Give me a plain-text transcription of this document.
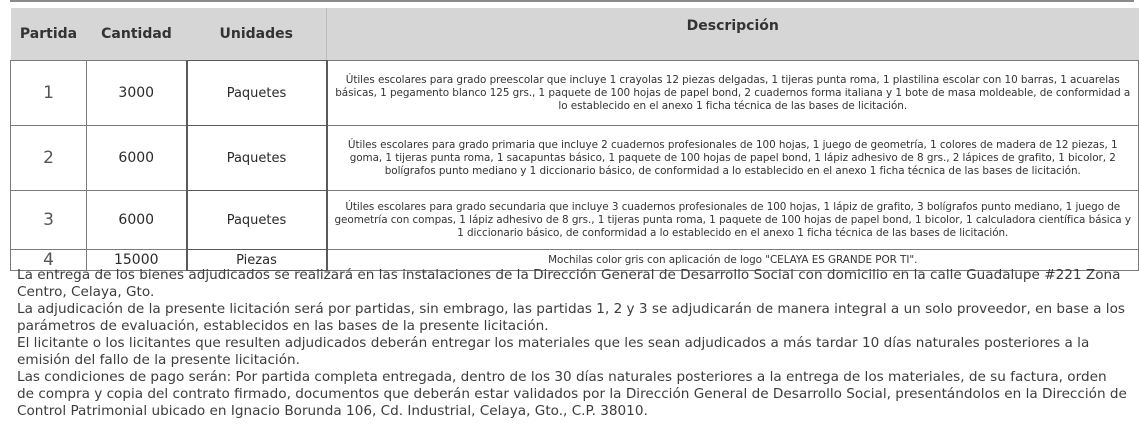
Partida	Cantidad	Unidades	Descripción
1	3000	Paquetes	Útiles escolares para grado preescolar que incluye 1 crayolas 12 piezas delgadas, 1 tijeras punta roma, 1 plastilina escolar con 10 barras, 1 acuarelas básicas, 1 pegamento blanco 125 grs., 1 paquete de 100 hojas de papel bond, 2 cuadernos forma italiana y 1 bote de masa moldeable, de conformidad a lo establecido en el anexo 1 ficha técnica de las bases de licitación.
2	6000	Paquetes	Útiles escolares para grado primaria que incluye 2 cuadernos profesionales de 100 hojas, 1 juego de geometría, 1 colores de madera de 12 piezas, 1 goma, 1 tijeras punta roma, 1 sacapuntas básico, 1 paquete de 100 hojas de papel bond, 1 lápiz adhesivo de 8 grs., 2 lápices de grafito, 1 bicolor, 2 bolígrafos punto mediano y 1 diccionario básico, de conformidad a lo establecido en el anexo 1 ficha técnica de las bases de licitación.
3	6000	Paquetes	Útiles escolares para grado secundaria que incluye 3 cuadernos profesionales de 100 hojas, 1 lápiz de grafito, 3 bolígrafos punto mediano, 1 juego de geometría con compas, 1 lápiz adhesivo de 8 grs., 1 tijeras punta roma, 1 paquete de 100 hojas de papel bond, 1 bicolor, 1 calculadora científica básica y 1 diccionario básico, de conformidad a lo establecido en el anexo 1 ficha técnica de las bases de licitación.
4	15000	Piezas	Mochilas color gris con aplicación de logo "CELAYA ES GRANDE POR TI".

La entrega de los bienes adjudicados se realizará en las instalaciones de la Dirección General de Desarrollo Social con domicilio en la calle Guadalupe #221 Zona Centro, Celaya, Gto.

La adjudicación de la presente licitación será por partidas, sin embrago, las partidas 1, 2 y 3 se adjudicarán de manera integral a un solo proveedor, en base a los parámetros de evaluación, establecidos en las bases de la presente licitación.

El licitante o los licitantes que resulten adjudicados deberán entregar los materiales que les sean adjudicados a más tardar 10 días naturales posteriores a la emisión del fallo de la presente licitación.

Las condiciones de pago serán: Por partida completa entregada, dentro de los 30 días naturales posteriores a la entrega de los materiales, de su factura, orden de compra y copia del contrato firmado, documentos que deberán estar validados por la Dirección General de Desarrollo Social, presentándolos en la Dirección de Control Patrimonial ubicado en Ignacio Borunda 106, Cd. Industrial, Celaya, Gto., C.P. 38010.
